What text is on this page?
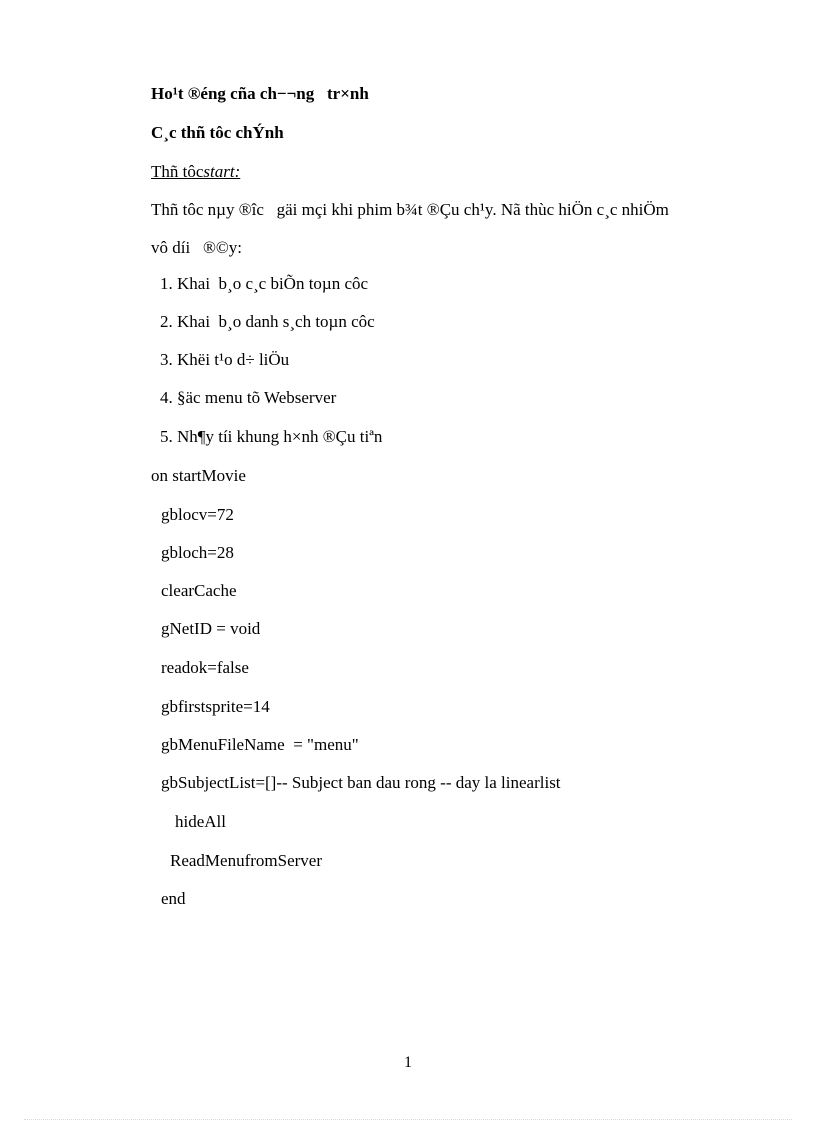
Ho¹t ®éng cña ch−¬ng   tr×nh
C¸c thñ tôc chÝnh
Thñ tôcstart:
Thñ tôc nµy ®îc   gäi mçi khi phim b¾t ®Çu ch¹y. Nã thùc hiÖn c¸c nhiÖm
vô díi   ®©y:
1. Khai  b¸o c¸c biÕn toµn côc
2. Khai  b¸o danh s¸ch toµn côc
3. Khëi t¹o d÷ liÖu
4. §äc menu tõ Webserver
5. Nh¶y tíi khung h×nh ®Çu tiªn
on startMovie
gblocv=72
gbloch=28
clearCache
gNetID = void
readok=false
gbfirstsprite=14
gbMenuFileName  = "menu"
gbSubjectList=[]-- Subject ban dau rong -- day la linearlist
hideAll
ReadMenufromServer
end
1
